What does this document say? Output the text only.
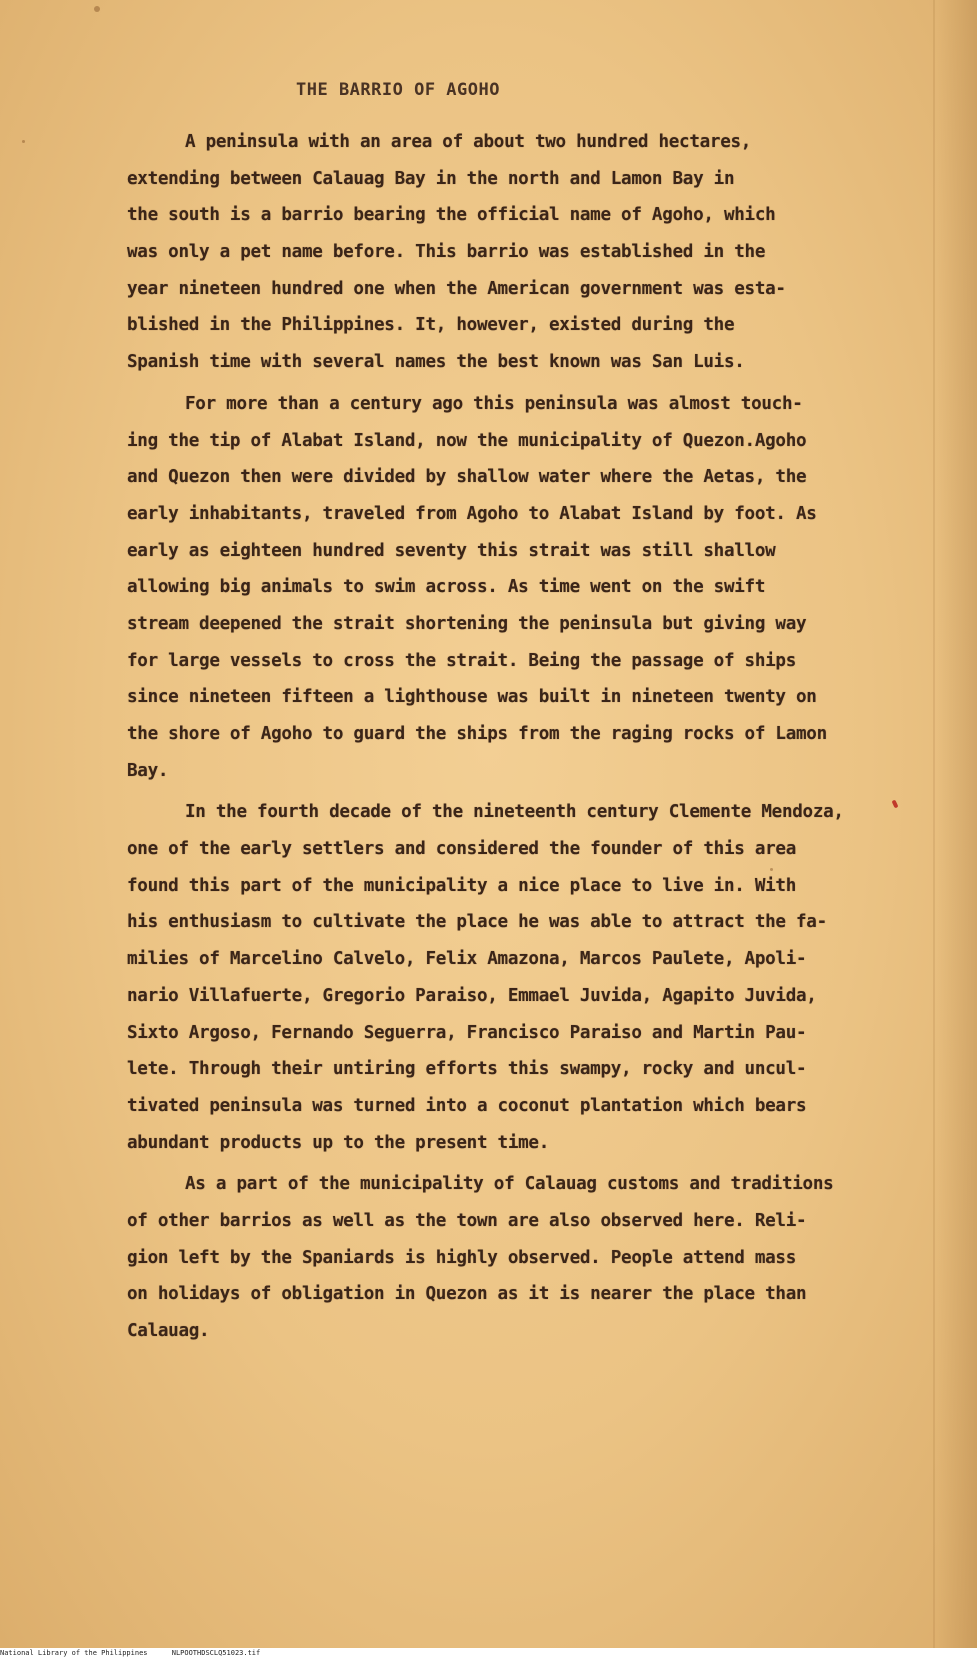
THE BARRIO OF AGOHO
A peninsula with an area of about two hundred hectares,
extending between Calauag Bay in the north and Lamon Bay in
the south is a barrio bearing the official name of Agoho, which
was only a pet name before. This barrio was established in the
year nineteen hundred one when the American government was esta-
blished in the Philippines. It, however, existed during the
Spanish time with several names the best known was San Luis.
For more than a century ago this peninsula was almost touch-
ing the tip of Alabat Island, now the municipality of Quezon.Agoho
and Quezon then were divided by shallow water where the Aetas, the
early inhabitants, traveled from Agoho to Alabat Island by foot. As
early as eighteen hundred seventy this strait was still shallow
allowing big animals to swim across. As time went on the swift
stream deepened the strait shortening the peninsula but giving way
for large vessels to cross the strait. Being the passage of ships
since nineteen fifteen a lighthouse was built in nineteen twenty on
the shore of Agoho to guard the ships from the raging rocks of Lamon
Bay.
In the fourth decade of the nineteenth century Clemente Mendoza,
one of the early settlers and considered the founder of this area
found this part of the municipality a nice place to live in. With
his enthusiasm to cultivate the place he was able to attract the fa-
milies of Marcelino Calvelo, Felix Amazona, Marcos Paulete, Apoli-
nario Villafuerte, Gregorio Paraiso, Emmael Juvida, Agapito Juvida,
Sixto Argoso, Fernando Seguerra, Francisco Paraiso and Martin Pau-
lete. Through their untiring efforts this swampy, rocky and uncul-
tivated peninsula was turned into a coconut plantation which bears
abundant products up to the present time.
As a part of the municipality of Calauag customs and traditions
of other barrios as well as the town are also observed here. Reli-
gion left by the Spaniards is highly observed. People attend mass
on holidays of obligation in Quezon as it is nearer the place than
Calauag.
National Library of the Philippines	NLPOOTHDSCLQ51023.tif
